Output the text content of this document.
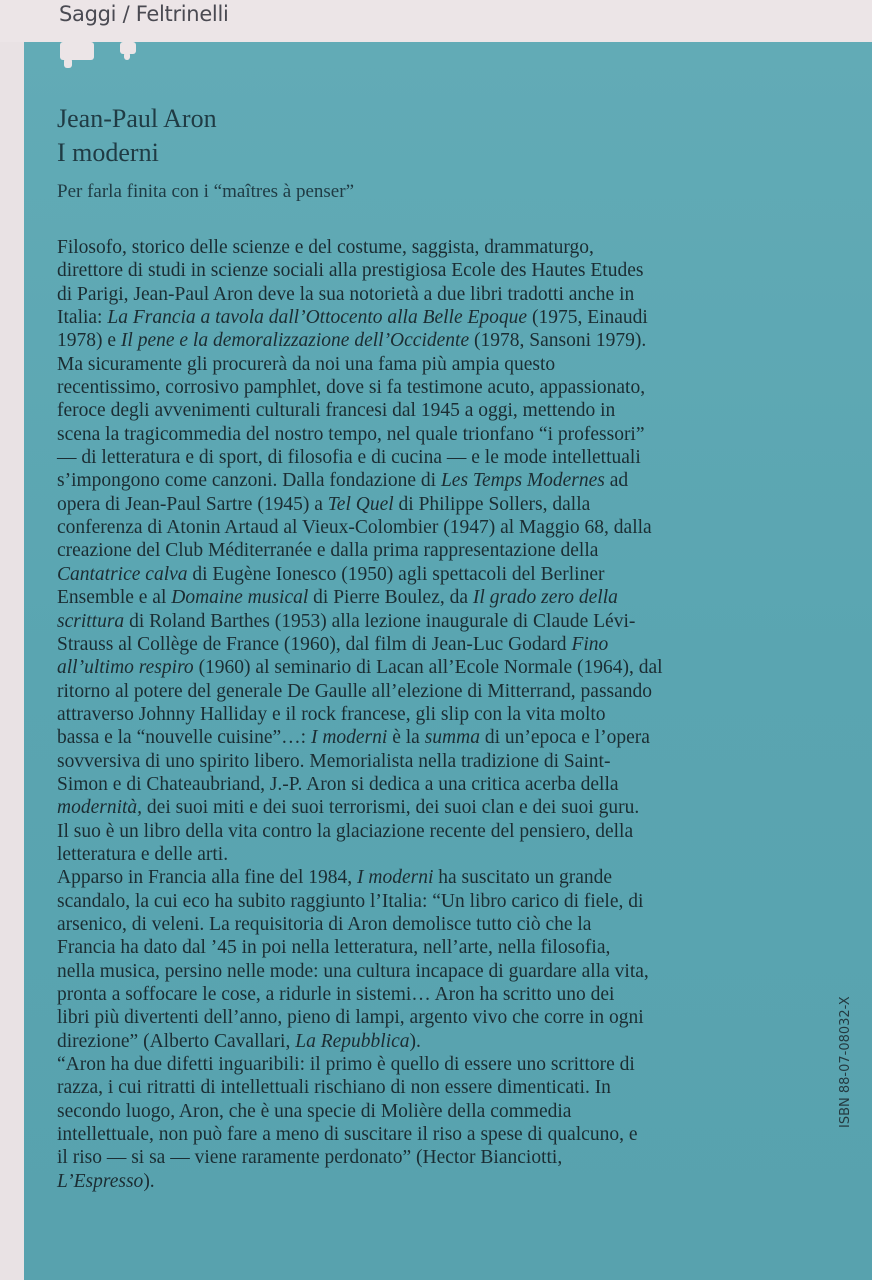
Saggi / Feltrinelli
Jean-Paul Aron
I moderni
Per farla finita con i “maîtres à penser”
Filosofo, storico delle scienze e del costume, saggista, drammaturgo,
direttore di studi in scienze sociali alla prestigiosa Ecole des Hautes Etudes
di Parigi, Jean-Paul Aron deve la sua notorietà a due libri tradotti anche in
Italia: La Francia a tavola dall’Ottocento alla Belle Epoque (1975, Einaudi
1978) e Il pene e la demoralizzazione dell’Occidente (1978, Sansoni 1979).
Ma sicuramente gli procurerà da noi una fama più ampia questo
recentissimo, corrosivo pamphlet, dove si fa testimone acuto, appassionato,
feroce degli avvenimenti culturali francesi dal 1945 a oggi, mettendo in
scena la tragicommedia del nostro tempo, nel quale trionfano “i professori”
— di letteratura e di sport, di filosofia e di cucina — e le mode intellettuali
s’impongono come canzoni. Dalla fondazione di Les Temps Modernes ad
opera di Jean-Paul Sartre (1945) a Tel Quel di Philippe Sollers, dalla
conferenza di Atonin Artaud al Vieux-Colombier (1947) al Maggio 68, dalla
creazione del Club Méditerranée e dalla prima rappresentazione della
Cantatrice calva di Eugène Ionesco (1950) agli spettacoli del Berliner
Ensemble e al Domaine musical di Pierre Boulez, da Il grado zero della
scrittura di Roland Barthes (1953) alla lezione inaugurale di Claude Lévi-
Strauss al Collège de France (1960), dal film di Jean-Luc Godard Fino
all’ultimo respiro (1960) al seminario di Lacan all’Ecole Normale (1964), dal
ritorno al potere del generale De Gaulle all’elezione di Mitterrand, passando
attraverso Johnny Halliday e il rock francese, gli slip con la vita molto
bassa e la “nouvelle cuisine”…: I moderni è la summa di un’epoca e l’opera
sovversiva di uno spirito libero. Memorialista nella tradizione di Saint-
Simon e di Chateaubriand, J.-P. Aron si dedica a una critica acerba della
modernità, dei suoi miti e dei suoi terrorismi, dei suoi clan e dei suoi guru.
Il suo è un libro della vita contro la glaciazione recente del pensiero, della
letteratura e delle arti.
Apparso in Francia alla fine del 1984, I moderni ha suscitato un grande
scandalo, la cui eco ha subito raggiunto l’Italia: “Un libro carico di fiele, di
arsenico, di veleni. La requisitoria di Aron demolisce tutto ciò che la
Francia ha dato dal ’45 in poi nella letteratura, nell’arte, nella filosofia,
nella musica, persino nelle mode: una cultura incapace di guardare alla vita,
pronta a soffocare le cose, a ridurle in sistemi… Aron ha scritto uno dei
libri più divertenti dell’anno, pieno di lampi, argento vivo che corre in ogni
direzione” (Alberto Cavallari, La Repubblica).
“Aron ha due difetti inguaribili: il primo è quello di essere uno scrittore di
razza, i cui ritratti di intellettuali rischiano di non essere dimenticati. In
secondo luogo, Aron, che è una specie di Molière della commedia
intellettuale, non può fare a meno di suscitare il riso a spese di qualcuno, e
il riso — si sa — viene raramente perdonato” (Hector Bianciotti,
L’Espresso).
ISBN 88-07-08032-X
